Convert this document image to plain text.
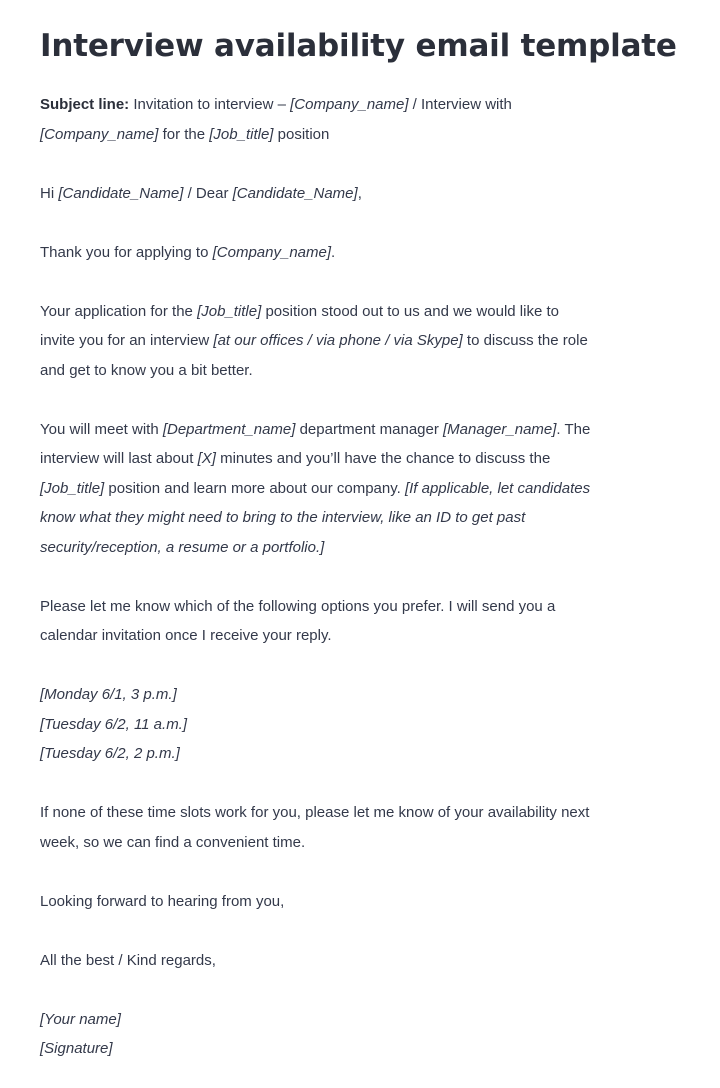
Interview availability email template

Subject line: Invitation to interview – [Company_name] / Interview with
[Company_name] for the [Job_title] position

Hi [Candidate_Name] / Dear [Candidate_Name],

Thank you for applying to [Company_name].

Your application for the [Job_title] position stood out to us and we would like to
invite you for an interview [at our offices / via phone / via Skype] to discuss the role
and get to know you a bit better.

You will meet with [Department_name] department manager [Manager_name]. The
interview will last about [X] minutes and you’ll have the chance to discuss the
[Job_title] position and learn more about our company. [If applicable, let candidates
know what they might need to bring to the interview, like an ID to get past
security/reception, a resume or a portfolio.]

Please let me know which of the following options you prefer. I will send you a
calendar invitation once I receive your reply.

[Monday 6/1, 3 p.m.]
[Tuesday 6/2, 11 a.m.]
[Tuesday 6/2, 2 p.m.]

If none of these time slots work for you, please let me know of your availability next
week, so we can find a convenient time.

Looking forward to hearing from you,

All the best / Kind regards,

[Your name]
[Signature]
